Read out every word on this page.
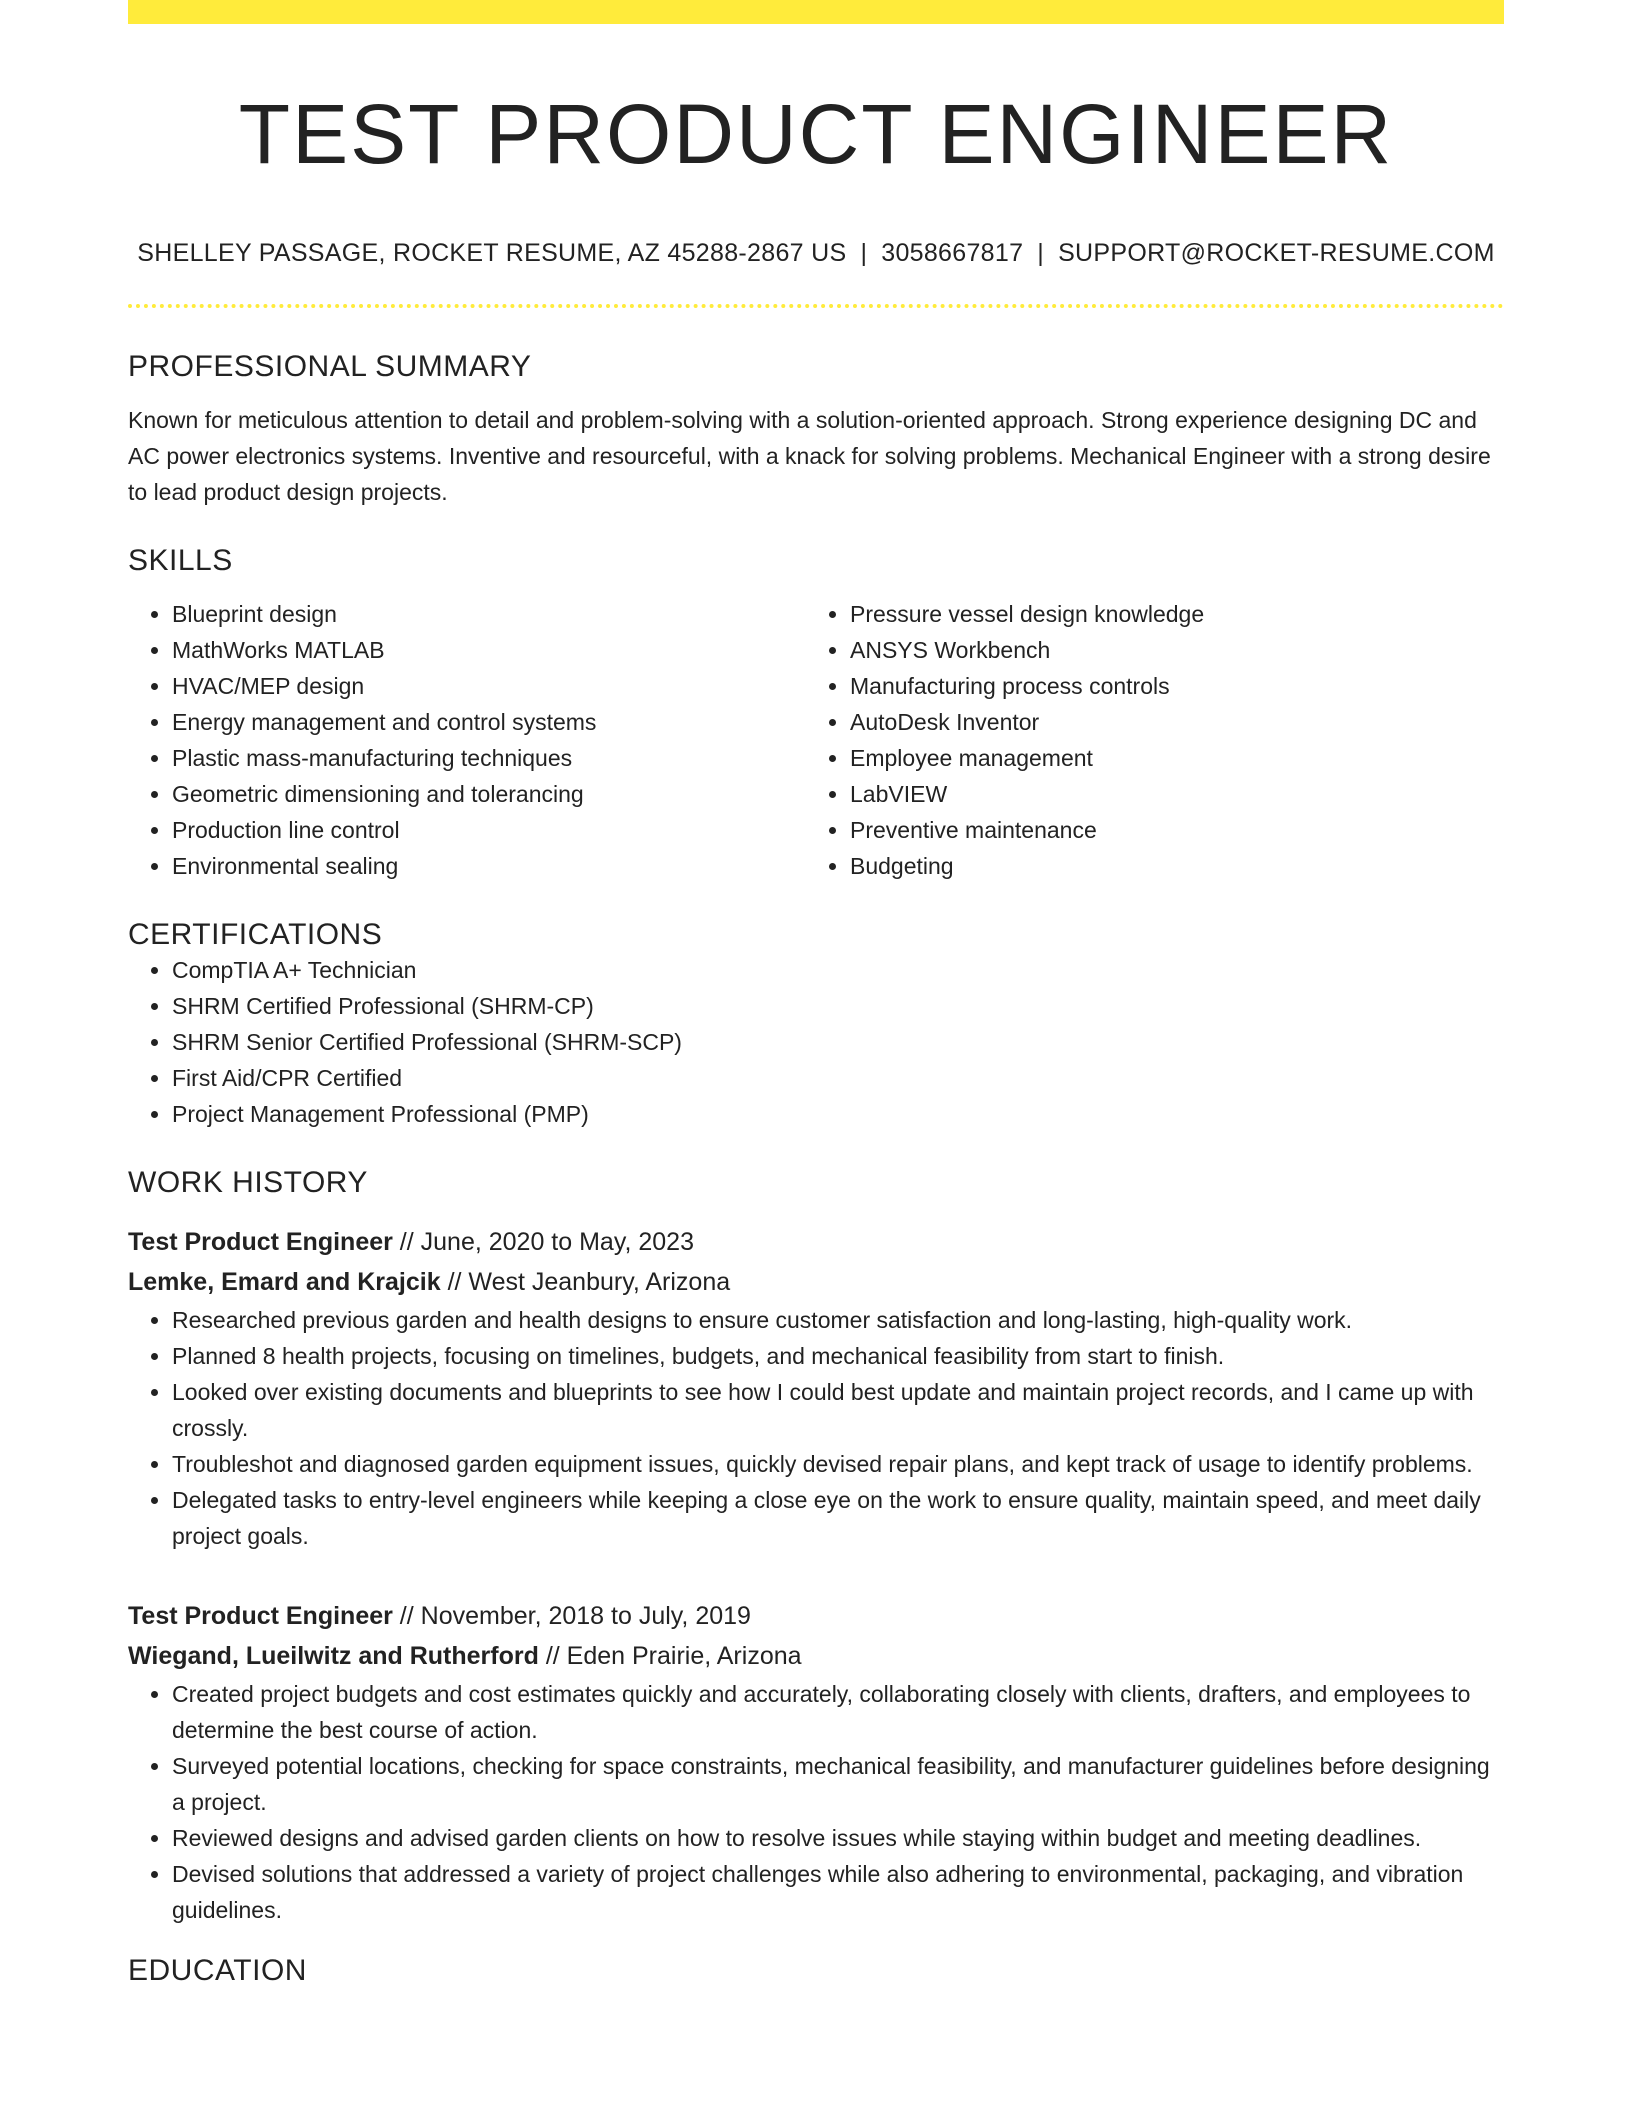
TEST PRODUCT ENGINEER
SHELLEY PASSAGE, ROCKET RESUME, AZ 45288-2867 US | 3058667817 | SUPPORT@ROCKET-RESUME.COM
PROFESSIONAL SUMMARY

Known for meticulous attention to detail and problem-solving with a solution-oriented approach. Strong experience designing DC and AC power electronics systems. Inventive and resourceful, with a knack for solving problems. Mechanical Engineer with a strong desire to lead product design projects.

SKILLS
• Blueprint design
• MathWorks MATLAB
• HVAC/MEP design
• Energy management and control systems
• Plastic mass-manufacturing techniques
• Geometric dimensioning and tolerancing
• Production line control
• Environmental sealing
• Pressure vessel design knowledge
• ANSYS Workbench
• Manufacturing process controls
• AutoDesk Inventor
• Employee management
• LabVIEW
• Preventive maintenance
• Budgeting
CERTIFICATIONS
• CompTIA A+ Technician
• SHRM Certified Professional (SHRM-CP)
• SHRM Senior Certified Professional (SHRM-SCP)
• First Aid/CPR Certified
• Project Management Professional (PMP)
WORK HISTORY
Test Product Engineer // June, 2020 to May, 2023
Lemke, Emard and Krajcik // West Jeanbury, Arizona
• Researched previous garden and health designs to ensure customer satisfaction and long-lasting, high-quality work.
• Planned 8 health projects, focusing on timelines, budgets, and mechanical feasibility from start to finish.
• Looked over existing documents and blueprints to see how I could best update and maintain project records, and I came up with crossly.
• Troubleshot and diagnosed garden equipment issues, quickly devised repair plans, and kept track of usage to identify problems.
• Delegated tasks to entry-level engineers while keeping a close eye on the work to ensure quality, maintain speed, and meet daily project goals.
Test Product Engineer // November, 2018 to July, 2019
Wiegand, Lueilwitz and Rutherford // Eden Prairie, Arizona
• Created project budgets and cost estimates quickly and accurately, collaborating closely with clients, drafters, and employees to determine the best course of action.
• Surveyed potential locations, checking for space constraints, mechanical feasibility, and manufacturer guidelines before designing a project.
• Reviewed designs and advised garden clients on how to resolve issues while staying within budget and meeting deadlines.
• Devised solutions that addressed a variety of project challenges while also adhering to environmental, packaging, and vibration guidelines.
EDUCATION
